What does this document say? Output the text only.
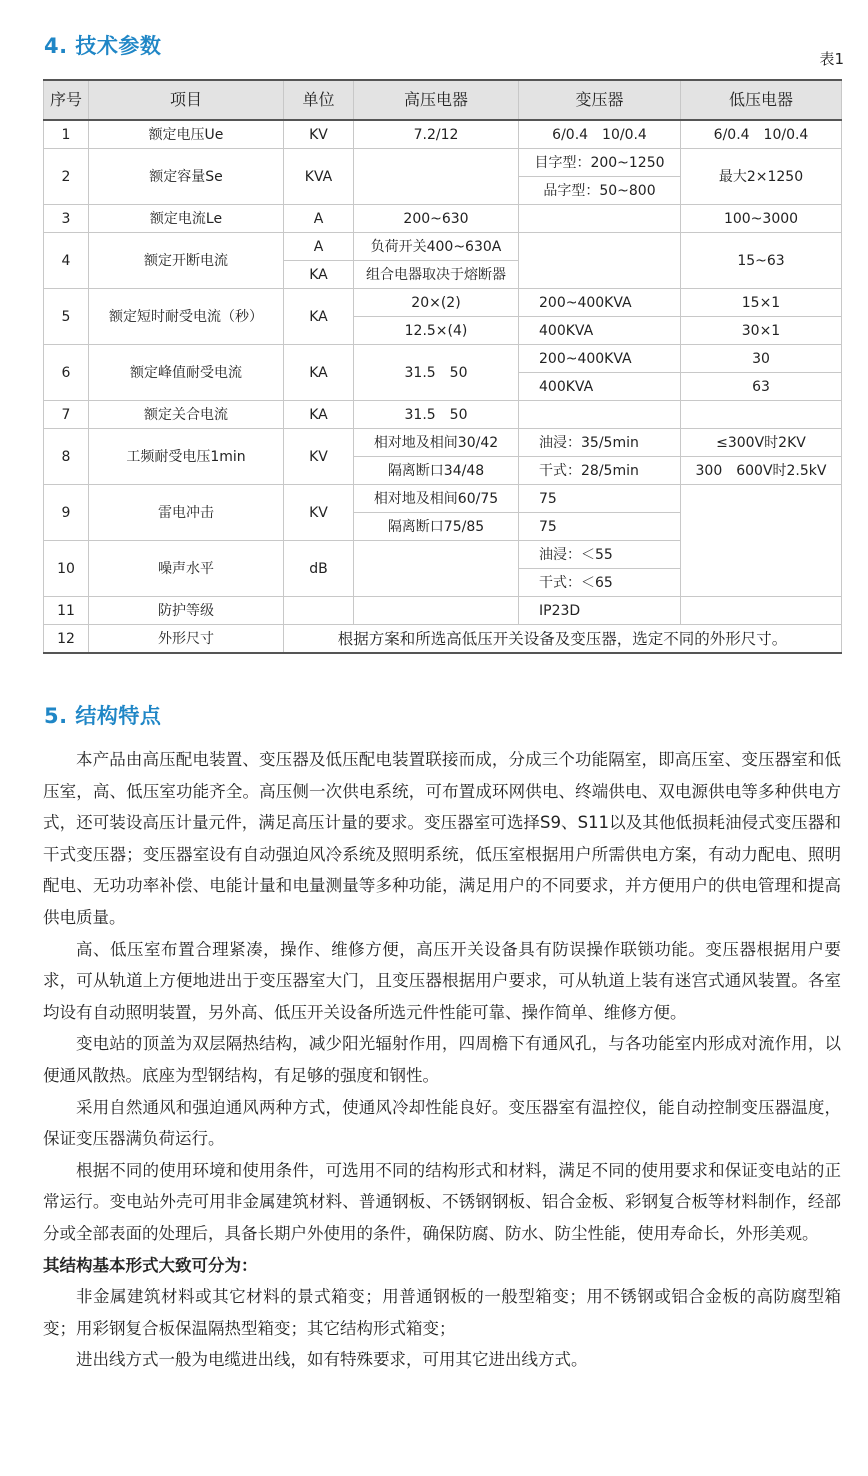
4. 技术参数
表1
序号	项目	单位	高压电器	变压器	低压电器
1	额定电压Ue	KV	7.2/12	6/0.4　10/0.4	6/0.4　10/0.4
2	额定容量Se	KVA		目字型：200~1250	最大2×1250
				品字型：50~800	
3	额定电流Le	A	200~630		100~3000
4	额定开断电流	A	负荷开关400~630A		15~63
		KA	组合电器取决于熔断器		
5	额定短时耐受电流（秒）	KA	20×(2)	200~400KVA	15×1
			12.5×(4)	400KVA	30×1
6	额定峰值耐受电流	KA	31.5　50	200~400KVA	30
				400KVA	63
7	额定关合电流	KA	31.5　50		
8	工频耐受电压1min	KV	相对地及相间30/42	油浸：35/5min	≤300V时2KV
			隔离断口34/48	干式：28/5min	300　600V时2.5kV
9	雷电冲击	KV	相对地及相间60/75	75	
			隔离断口75/85	75	
10	噪声水平	dB		油浸：＜55	
				干式：＜65	
11	防护等级			IP23D	
12	外形尺寸	根据方案和所选高低压开关设备及变压器，选定不同的外形尺寸。			
5. 结构特点

本产品由高压配电装置、变压器及低压配电装置联接而成，分成三个功能隔室，即高压室、变压器室和低压室，高、低压室功能齐全。高压侧一次供电系统，可布置成环网供电、终端供电、双电源供电等多种供电方式，还可装设高压计量元件，满足高压计量的要求。变压器室可选择S9、S11以及其他低损耗油侵式变压器和干式变压器；变压器室设有自动强迫风冷系统及照明系统，低压室根据用户所需供电方案，有动力配电、照明配电、无功功率补偿、电能计量和电量测量等多种功能，满足用户的不同要求，并方便用户的供电管理和提高供电质量。

高、低压室布置合理紧凑，操作、维修方便，高压开关设备具有防误操作联锁功能。变压器根据用户要求，可从轨道上方便地进出于变压器室大门，且变压器根据用户要求，可从轨道上装有迷宫式通风装置。各室均设有自动照明装置，另外高、低压开关设备所选元件性能可靠、操作简单、维修方便。

变电站的顶盖为双层隔热结构，减少阳光辐射作用，四周檐下有通风孔，与各功能室内形成对流作用，以便通风散热。底座为型钢结构，有足够的强度和钢性。

采用自然通风和强迫通风两种方式，使通风冷却性能良好。变压器室有温控仪，能自动控制变压器温度，保证变压器满负荷运行。

根据不同的使用环境和使用条件，可选用不同的结构形式和材料，满足不同的使用要求和保证变电站的正常运行。变电站外壳可用非金属建筑材料、普通钢板、不锈钢钢板、铝合金板、彩钢复合板等材料制作，经部分或全部表面的处理后，具备长期户外使用的条件，确保防腐、防水、防尘性能，使用寿命长，外形美观。

其结构基本形式大致可分为：

非金属建筑材料或其它材料的景式箱变；用普通钢板的一般型箱变；用不锈钢或铝合金板的高防腐型箱变；用彩钢复合板保温隔热型箱变；其它结构形式箱变；

进出线方式一般为电缆进出线，如有特殊要求，可用其它进出线方式。
